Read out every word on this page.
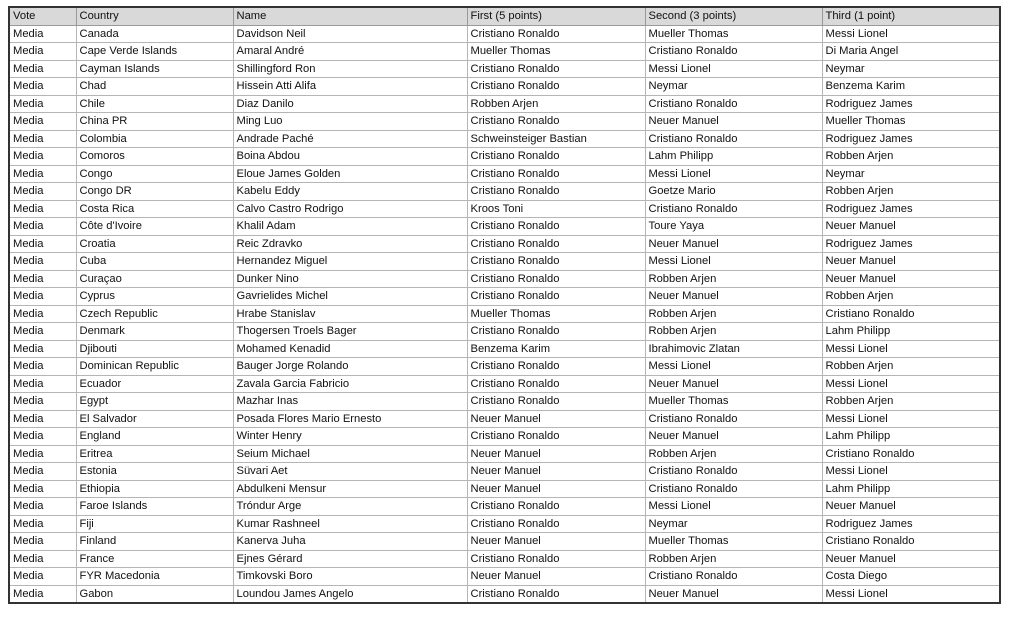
Vote	Country	Name	First (5 points)	Second (3 points)	Third (1 point)
Media	Canada	Davidson Neil	Cristiano Ronaldo	Mueller Thomas	Messi Lionel
Media	Cape Verde Islands	Amaral André	Mueller Thomas	Cristiano Ronaldo	Di Maria Angel
Media	Cayman Islands	Shillingford Ron	Cristiano Ronaldo	Messi Lionel	Neymar
Media	Chad	Hissein Atti Alifa	Cristiano Ronaldo	Neymar	Benzema Karim
Media	Chile	Diaz Danilo	Robben Arjen	Cristiano Ronaldo	Rodriguez James
Media	China PR	Ming Luo	Cristiano Ronaldo	Neuer Manuel	Mueller Thomas
Media	Colombia	Andrade Paché	Schweinsteiger Bastian	Cristiano Ronaldo	Rodriguez James
Media	Comoros	Boina Abdou	Cristiano Ronaldo	Lahm Philipp	Robben Arjen
Media	Congo	Eloue James Golden	Cristiano Ronaldo	Messi Lionel	Neymar
Media	Congo DR	Kabelu Eddy	Cristiano Ronaldo	Goetze Mario	Robben Arjen
Media	Costa Rica	Calvo Castro Rodrigo	Kroos Toni	Cristiano Ronaldo	Rodriguez James
Media	Côte d'Ivoire	Khalil Adam	Cristiano Ronaldo	Toure Yaya	Neuer Manuel
Media	Croatia	Reic Zdravko	Cristiano Ronaldo	Neuer Manuel	Rodriguez James
Media	Cuba	Hernandez Miguel	Cristiano Ronaldo	Messi Lionel	Neuer Manuel
Media	Curaçao	Dunker Nino	Cristiano Ronaldo	Robben Arjen	Neuer Manuel
Media	Cyprus	Gavrielides Michel	Cristiano Ronaldo	Neuer Manuel	Robben Arjen
Media	Czech Republic	Hrabe Stanislav	Mueller Thomas	Robben Arjen	Cristiano Ronaldo
Media	Denmark	Thogersen Troels Bager	Cristiano Ronaldo	Robben Arjen	Lahm Philipp
Media	Djibouti	Mohamed Kenadid	Benzema Karim	Ibrahimovic Zlatan	Messi Lionel
Media	Dominican Republic	Bauger Jorge Rolando	Cristiano Ronaldo	Messi Lionel	Robben Arjen
Media	Ecuador	Zavala Garcia Fabricio	Cristiano Ronaldo	Neuer Manuel	Messi Lionel
Media	Egypt	Mazhar Inas	Cristiano Ronaldo	Mueller Thomas	Robben Arjen
Media	El Salvador	Posada Flores Mario Ernesto	Neuer Manuel	Cristiano Ronaldo	Messi Lionel
Media	England	Winter Henry	Cristiano Ronaldo	Neuer Manuel	Lahm Philipp
Media	Eritrea	Seium Michael	Neuer Manuel	Robben Arjen	Cristiano Ronaldo
Media	Estonia	Süvari Aet	Neuer Manuel	Cristiano Ronaldo	Messi Lionel
Media	Ethiopia	Abdulkeni Mensur	Neuer Manuel	Cristiano Ronaldo	Lahm Philipp
Media	Faroe Islands	Tróndur Arge	Cristiano Ronaldo	Messi Lionel	Neuer Manuel
Media	Fiji	Kumar Rashneel	Cristiano Ronaldo	Neymar	Rodriguez James
Media	Finland	Kanerva Juha	Neuer Manuel	Mueller Thomas	Cristiano Ronaldo
Media	France	Ejnes Gérard	Cristiano Ronaldo	Robben Arjen	Neuer Manuel
Media	FYR Macedonia	Timkovski Boro	Neuer Manuel	Cristiano Ronaldo	Costa Diego
Media	Gabon	Loundou James Angelo	Cristiano Ronaldo	Neuer Manuel	Messi Lionel
